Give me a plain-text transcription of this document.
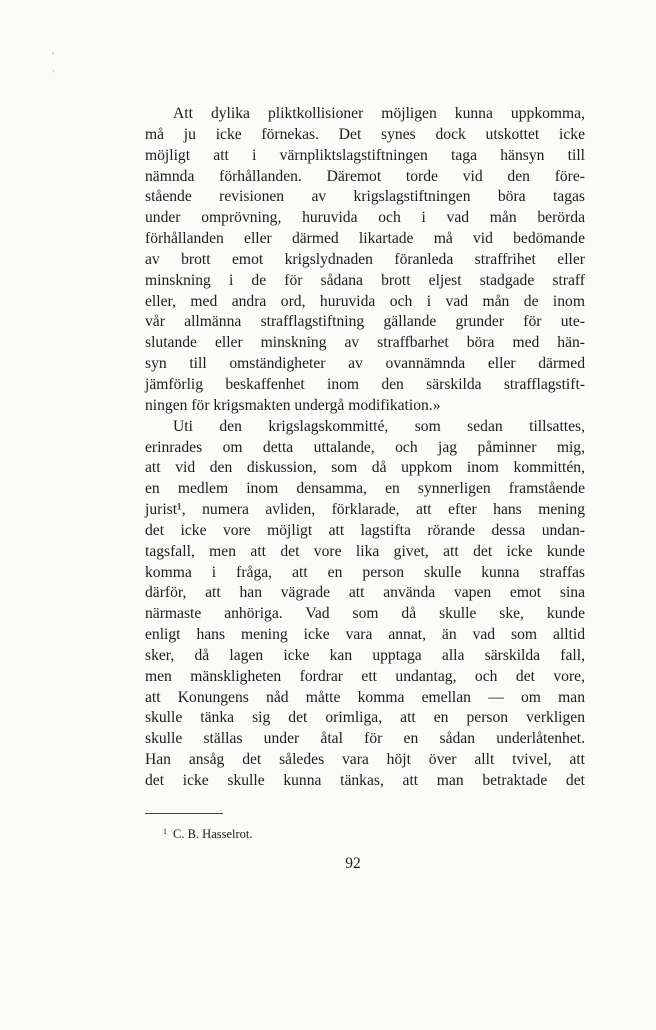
Att dylika pliktkollisioner möjligen kunna uppkomma,
må ju icke förnekas. Det synes dock utskottet icke
möjligt att i värnpliktslagstiftningen taga hänsyn till
nämnda förhållanden. Däremot torde vid den före-
stående revisionen av krigslagstiftningen böra tagas
under omprövning, huruvida och i vad mån berörda
förhållanden eller därmed likartade må vid bedömande
av brott emot krigslydnaden föranleda straffrihet eller
minskning i de för sådana brott eljest stadgade straff
eller, med andra ord, huruvida och i vad mån de inom
vår allmänna strafflagstiftning gällande grunder för ute-
slutande eller minskning av straffbarhet böra med hän-
syn till omständigheter av ovannämnda eller därmed
jämförlig beskaffenhet inom den särskilda strafflagstift-
ningen för krigsmakten undergå modifikation.»
Uti den krigslagskommitté, som sedan tillsattes,
erinrades om detta uttalande, och jag påminner mig,
att vid den diskussion, som då uppkom inom kommittén,
en medlem inom densamma, en synnerligen framstående
jurist¹, numera avliden, förklarade, att efter hans mening
det icke vore möjligt att lagstifta rörande dessa undan-
tagsfall, men att det vore lika givet, att det icke kunde
komma i fråga, att en person skulle kunna straffas
därför, att han vägrade att använda vapen emot sina
närmaste anhöriga. Vad som då skulle ske, kunde
enligt hans mening icke vara annat, än vad som alltid
sker, då lagen icke kan upptaga alla särskilda fall,
men mänskligheten fordrar ett undantag, och det vore,
att Konungens nåd måtte komma emellan — om man
skulle tänka sig det orimliga, att en person verkligen
skulle ställas under åtal för en sådan underlåtenhet.
Han ansåg det således vara höjt över allt tvivel, att
det icke skulle kunna tänkas, att man betraktade det
$^1$ C. B. Hasselrot.
92
